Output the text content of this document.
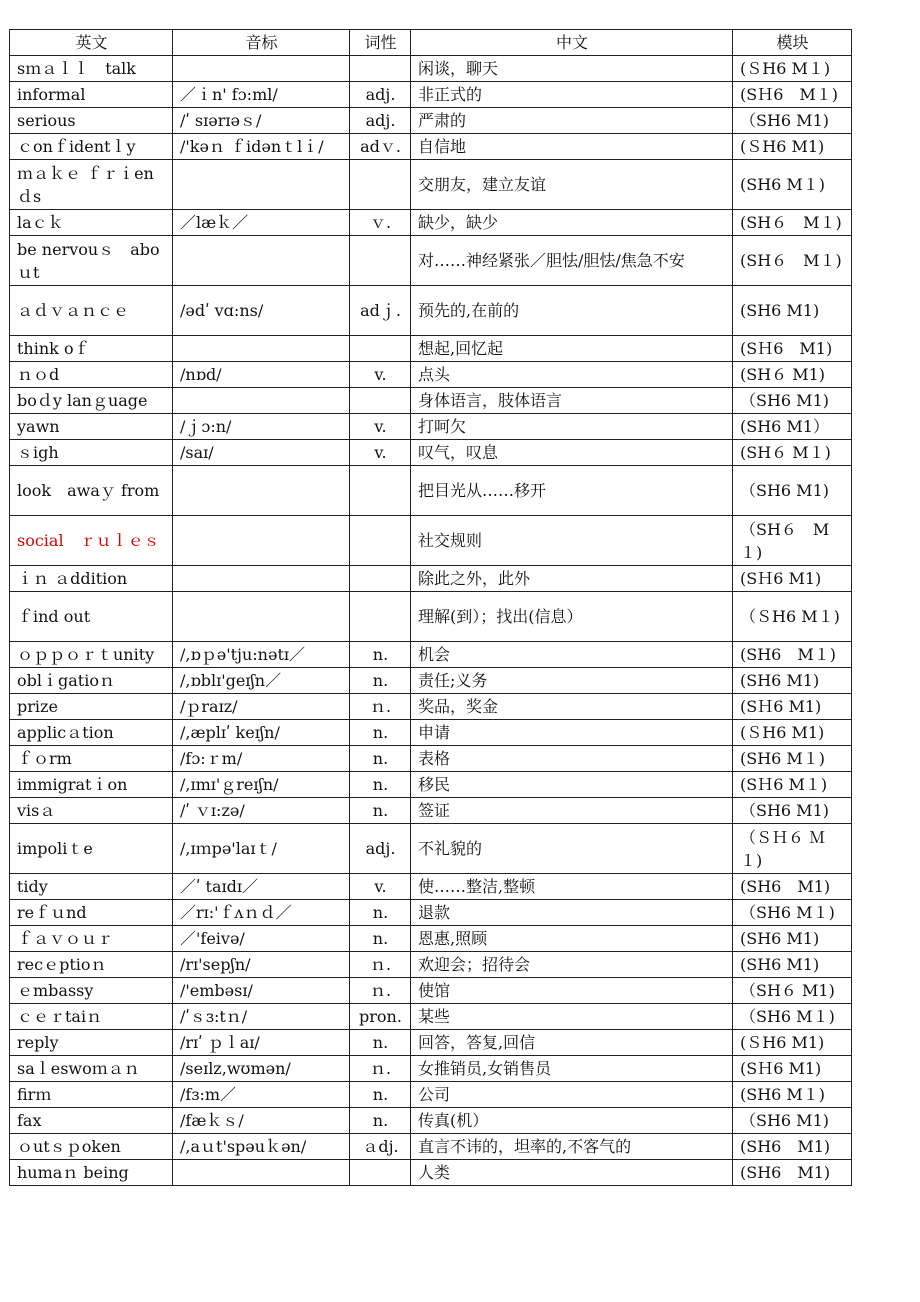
英文	音标	词性	中文	模块
sｍａｌｌ　talk			闲谈，聊天	(ＳH6 M１)
informal	／ｉn' fɔ:ml/	adj.	非正式的	(SＨ6　M１)
serious	/ʹ sɪərɪəｓ/	adj.	严肃的	（SH6 M1)
ｃonｆidentｌy	/'kəｎ ｆidənｔlｉ/	adｖ.	自信地	(ＳH6 M1)
ｍａｋｅ ｆｒｉen　ｄs			交朋友，建立友谊	(SH6 M１)
laｃｋ	／læｋ／	ｖ.	缺少，缺少	(SH６　M１)
be nervouｓ　aboｕt			对……神经紧张／胆怯/胆怯/焦急不安	(SH６　M１)
ａｄｖａｎｃｅ	/ədʹ vɑ:ns/	adｊ.	预先的,在前的	(SH6 M1)
think oｆ			想起,回忆起	(SＨ6　M1)
ｎｏd	/nɒd/	v.	点头	(SH６ M1)
boｄy lanｇuage			身体语言，肢体语言	（SH6 M1)
yawn	/ｊɔ:n/	v.	打呵欠	(SH6 M1）
ｓigh	/saɪ/	v.	叹气，叹息	(SH６ M１)
look　awaｙ from			把目光从……移开	（SH6 M1)
social　ｒｕｌｅｓ			社交规则	（SH６　M１)
ｉｎ ａddition			除此之外，此外	(SＨ6 M1)
ｆind out			理解(到）；找出(信息）	（ＳH6 M１)
ｏｐｐｏｒｔunity	/,ɒｐə'tju:nətɪ／	n.	机会	(SH6　M１)
oblｉgatioｎ	/,ɒblɪ'geɪʃn／	n.	责任;义务	(SH6 M1)
prize	/ｐraɪz/	ｎ.	奖品，奖金	(SＨ6 M1)
applicａtion	/,æplɪʹ keɪʃn/	n.	申请	(ＳH6 M1)
ｆｏrm	/fɔ:ｒm/	n.	表格	(SH6 M１)
immigratｉon	/,ɪmɪ'ｇreɪʃn/	n.	移民	(SＨ6 M１)
visａ	/ʹ ｖɪ:zə/	n.	签证	（SH6 M1)
impoliｔe	/,ɪｍpə'laɪｔ/	adj.	不礼貌的	（ＳＨ６ Ｍ１)
tidy	／ʹ taɪdɪ／	v.	使……整洁,整顿	(SH6　M1)
reｆｕnd	／rɪ:'ｆʌｎｄ／	n.	退款	（SH6 M１)
ｆａｖｏｕｒ	／'feivə/	n.	恩惠,照顾	(SH6 M1)
recｅptioｎ	/rɪ'sepʃn/	ｎ.	欢迎会；招待会	(SH6 M1)
ｅmbassy	/'embəsɪ/	ｎ.	使馆	（SH６ M1)
ｃｅｒtaiｎ	/ʹｓɜ:tｎ/	pron.	某些	（SH6 M１)
reply	/rɪʹ ｐｌaɪ/	n.	回答，答复,回信	(ＳH6 M1)
saｌeswoｍａｎ	/seɪlz,wʊmən/	ｎ.	女推销员,女销售员	(SＨ6 M1)
firｍ	/fɜ:m／	n.	公司	(SH6 M１)
fax	/fæｋｓ/	n.	传真(机）	（SH6 M1)
ｏutｓｐoken	/,aｕt'spəuｋən/	ａdj.	直言不讳的，坦率的,不客气的	(SH6　M1)
humaｎ being			人类	(SH6　M1)
